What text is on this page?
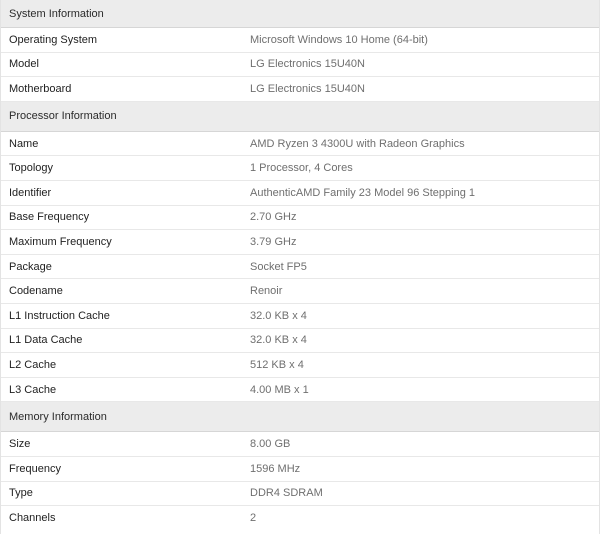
System Information
Operating System	Microsoft Windows 10 Home (64-bit)
Model	LG Electronics 15U40N
Motherboard	LG Electronics 15U40N
Processor Information
Name	AMD Ryzen 3 4300U with Radeon Graphics
Topology	1 Processor, 4 Cores
Identifier	AuthenticAMD Family 23 Model 96 Stepping 1
Base Frequency	2.70 GHz
Maximum Frequency	3.79 GHz
Package	Socket FP5
Codename	Renoir
L1 Instruction Cache	32.0 KB x 4
L1 Data Cache	32.0 KB x 4
L2 Cache	512 KB x 4
L3 Cache	4.00 MB x 1
Memory Information
Size	8.00 GB
Frequency	1596 MHz
Type	DDR4 SDRAM
Channels	2
